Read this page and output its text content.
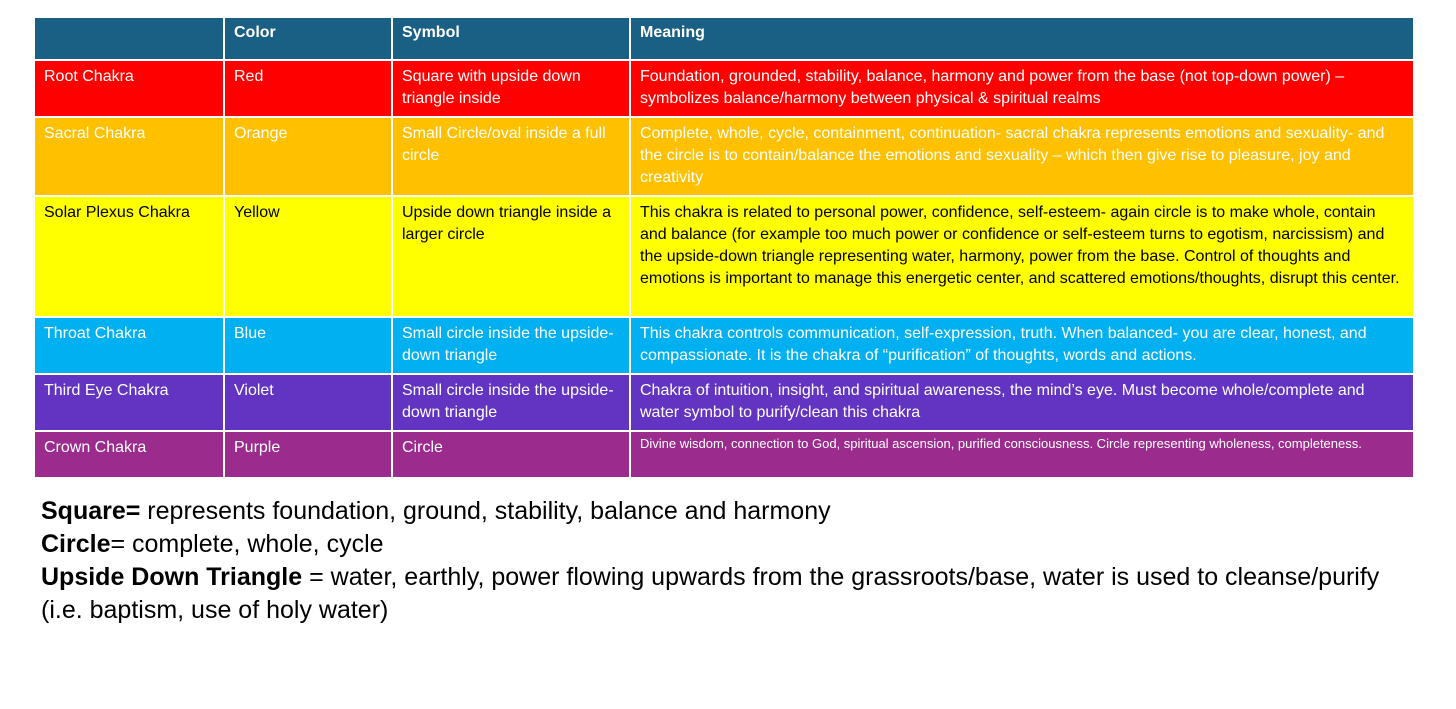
	Color	Symbol	Meaning
Root Chakra	Red	Square with upside down triangle inside	Foundation, grounded, stability, balance, harmony and power from the base (not top-down power) – symbolizes balance/harmony between physical & spiritual realms
Sacral Chakra	Orange	Small Circle/oval inside a full circle	Complete, whole, cycle, containment, continuation- sacral chakra represents emotions and sexuality- and the circle is to contain/balance the emotions and sexuality – which then give rise to pleasure, joy and creativity
Solar Plexus Chakra	Yellow	Upside down triangle inside a larger circle	This chakra is related to personal power, confidence, self-esteem- again circle is to make whole, contain and balance (for example too much power or confidence or self-esteem turns to egotism, narcissism) and the upside-down triangle representing water, harmony, power from the base. Control of thoughts and emotions is important to manage this energetic center, and scattered emotions/thoughts, disrupt this center.
Throat Chakra	Blue	Small circle inside the upside- down triangle	This chakra controls communication, self-expression, truth. When balanced- you are clear, honest, and compassionate. It is the chakra of “purification” of thoughts, words and actions.
Third Eye Chakra	Violet	Small circle inside the upside- down triangle	Chakra of intuition, insight, and spiritual awareness, the mind’s eye. Must become whole/complete and water symbol to purify/clean this chakra
Crown Chakra	Purple	Circle	Divine wisdom, connection to God, spiritual ascension, purified consciousness. Circle representing wholeness, completeness.

Square= represents foundation, ground, stability, balance and harmony

Circle= complete, whole, cycle

Upside Down Triangle = water, earthly, power flowing upwards from the grassroots/base, water is used to cleanse/purify (i.e. baptism, use of holy water)
